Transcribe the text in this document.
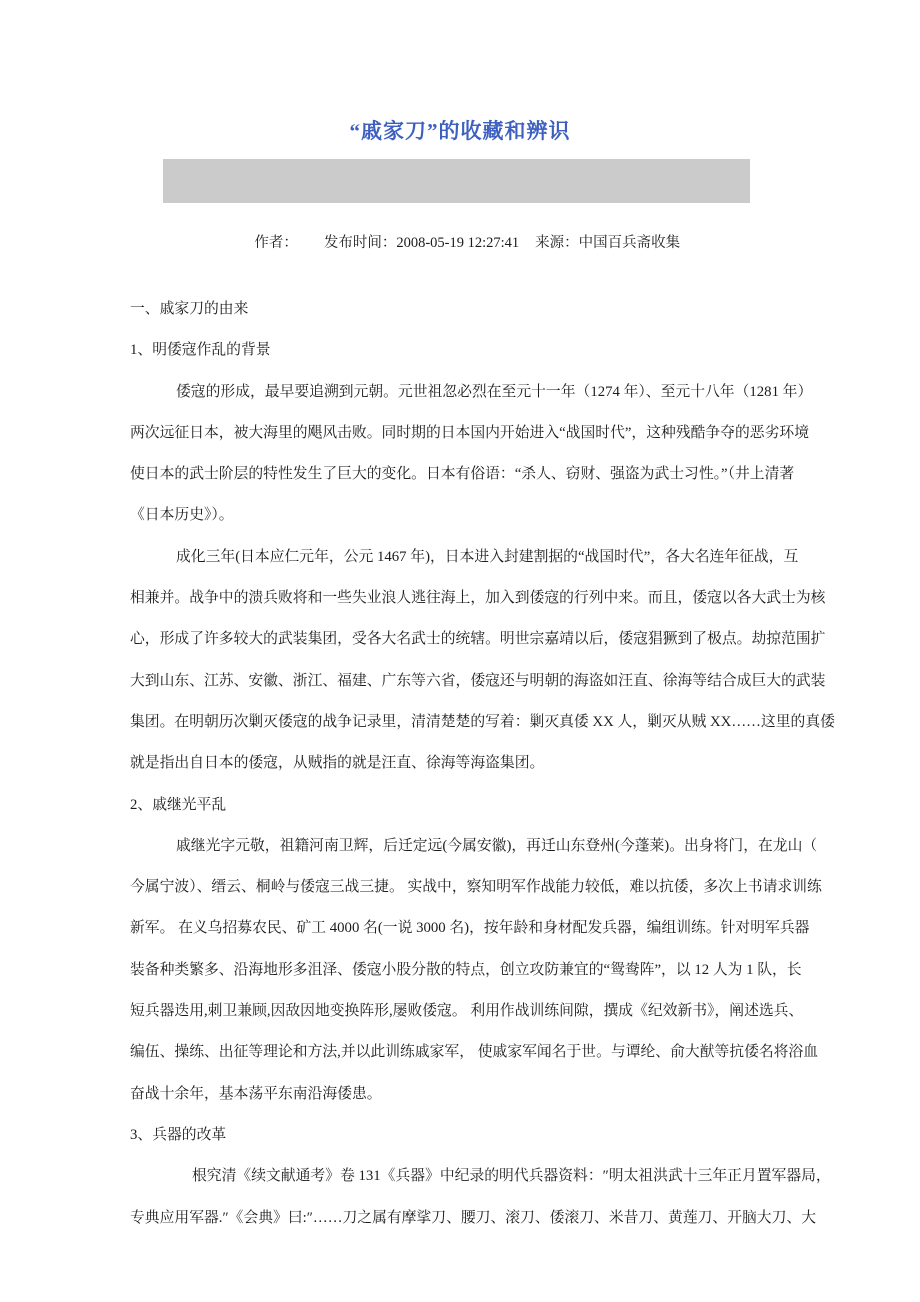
“戚家刀”的收藏和辨识

作者： 发布时间：2008-05-19 12:27:41 来源：中国百兵斋收集

一、戚家刀的由来
1、明倭寇作乱的背景
倭寇的形成，最早要追溯到元朝。元世祖忽必烈在至元十一年（1274 年）、至元十八年（1281 年）
两次远征日本，被大海里的飓风击败。同时期的日本国内开始进入“战国时代”，这种残酷争夺的恶劣环境
使日本的武士阶层的特性发生了巨大的变化。日本有俗语：“杀人、窃财、强盗为武士习性。”（井上清著
《日本历史》）。
成化三年(日本应仁元年，公元 1467 年)，日本进入封建割据的“战国时代”，各大名连年征战，互
相兼并。战争中的溃兵败将和一些失业浪人逃往海上，加入到倭寇的行列中来。而且，倭寇以各大武士为核
心，形成了许多较大的武装集团，受各大名武士的统辖。明世宗嘉靖以后，倭寇猖獗到了极点。劫掠范围扩
大到山东、江苏、安徽、浙江、福建、广东等六省，倭寇还与明朝的海盗如汪直、徐海等结合成巨大的武装
集团。在明朝历次剿灭倭寇的战争记录里，清清楚楚的写着：剿灭真倭 XX 人，剿灭从贼 XX……这里的真倭
就是指出自日本的倭寇，从贼指的就是汪直、徐海等海盗集团。
2、戚继光平乱
戚继光字元敬，祖籍河南卫辉，后迁定远(今属安徽)，再迁山东登州(今蓬莱)。出身将门，在龙山（
今属宁波）、缙云、桐岭与倭寇三战三捷。 实战中，察知明军作战能力较低，难以抗倭，多次上书请求训练
新军。 在义乌招募农民、矿工 4000 名(一说 3000 名)，按年龄和身材配发兵器，编组训练。针对明军兵器
装备种类繁多、沿海地形多沮泽、倭寇小股分散的特点，创立攻防兼宜的“鸳鸯阵”，以 12 人为 1 队，长
短兵器迭用,刺卫兼顾,因敌因地变换阵形,屡败倭寇。 利用作战训练间隙，撰成《纪效新书》，阐述选兵、
编伍、操练、出征等理论和方法,并以此训练戚家军， 使戚家军闻名于世。与谭纶、俞大猷等抗倭名将浴血
奋战十余年，基本荡平东南沿海倭患。
3、兵器的改革
根究清《续文献通考》卷 131《兵器》中纪录的明代兵器资料：″明太祖洪武十三年正月置军器局，
专典应用军器.″《会典》曰:″……刀之属有摩挲刀、腰刀、滚刀、倭滚刀、米昔刀、黄莲刀、开脑大刀、大
